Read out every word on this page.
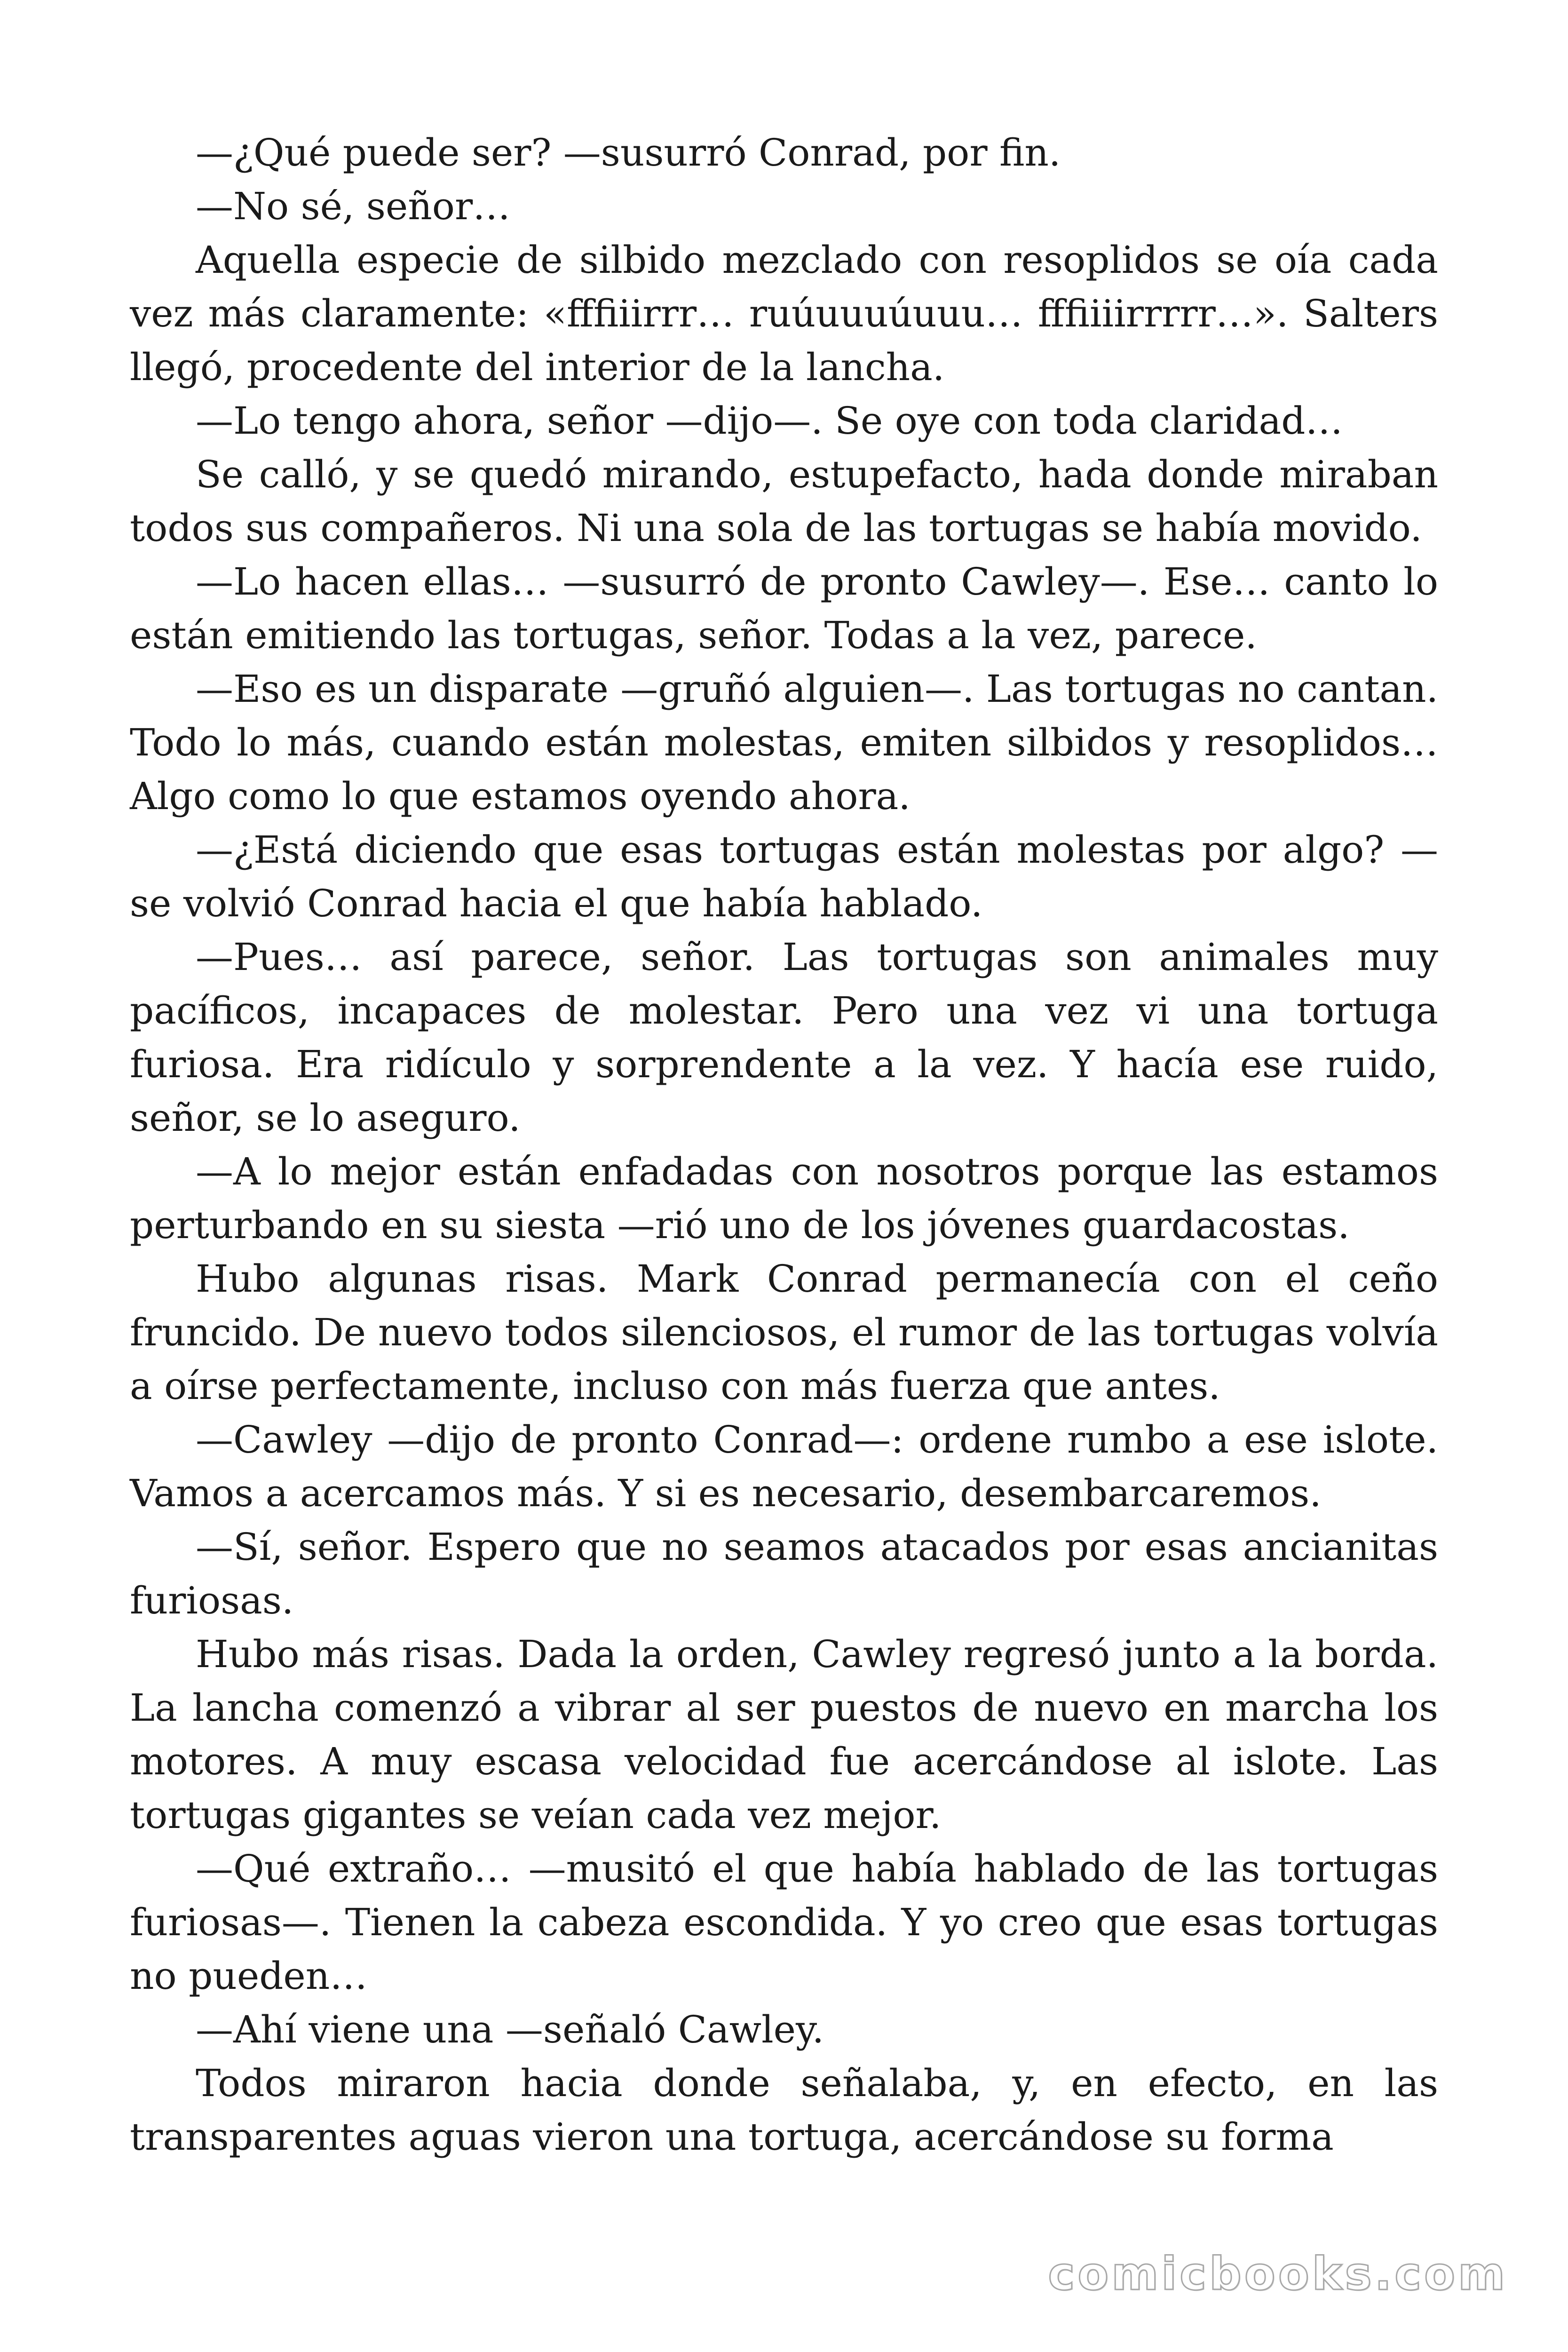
—¿Qué puede ser? —susurró Conrad, por fin.

—No sé, señor…

Aquella especie de silbido mezclado con resoplidos se oía cada vez más claramente: «fffiiirrr… ruúuuuúuuu… fffiiiirrrrr…». Salters llegó, procedente del interior de la lancha.

—Lo tengo ahora, señor —dijo—. Se oye con toda claridad…

Se calló, y se quedó mirando, estupefacto, hada donde miraban todos sus compañeros. Ni una sola de las tortugas se había movido.

—Lo hacen ellas… —susurró de pronto Cawley—. Ese… canto lo están emitiendo las tortugas, señor. Todas a la vez, parece.

—Eso es un disparate —gruñó alguien—. Las tortugas no cantan. Todo lo más, cuando están molestas, emiten silbidos y resoplidos… Algo como lo que estamos oyendo ahora.

—¿Está diciendo que esas tortugas están molestas por algo? —se volvió Conrad hacia el que había hablado.

—Pues… así parece, señor. Las tortugas son animales muy pacíficos, incapaces de molestar. Pero una vez vi una tortuga furiosa. Era ridículo y sorprendente a la vez. Y hacía ese ruido, señor, se lo aseguro.

—A lo mejor están enfadadas con nosotros porque las estamos perturbando en su siesta —rió uno de los jóvenes guardacostas.

Hubo algunas risas. Mark Conrad permanecía con el ceño fruncido. De nuevo todos silenciosos, el rumor de las tortugas volvía a oírse perfectamente, incluso con más fuerza que antes.

—Cawley —dijo de pronto Conrad—: ordene rumbo a ese islote. Vamos a acercamos más. Y si es necesario, desembarcaremos.

—Sí, señor. Espero que no seamos atacados por esas ancianitas furiosas.

Hubo más risas. Dada la orden, Cawley regresó junto a la borda. La lancha comenzó a vibrar al ser puestos de nuevo en marcha los motores. A muy escasa velocidad fue acercándose al islote. Las tortugas gigantes se veían cada vez mejor.

—Qué extraño… —musitó el que había hablado de las tortugas furiosas—. Tienen la cabeza escondida. Y yo creo que esas tortugas no pueden…

—Ahí viene una —señaló Cawley.

Todos miraron hacia donde señalaba, y, en efecto, en las transparentes aguas vieron una tortuga, acercándose su forma

comicbooks.com
